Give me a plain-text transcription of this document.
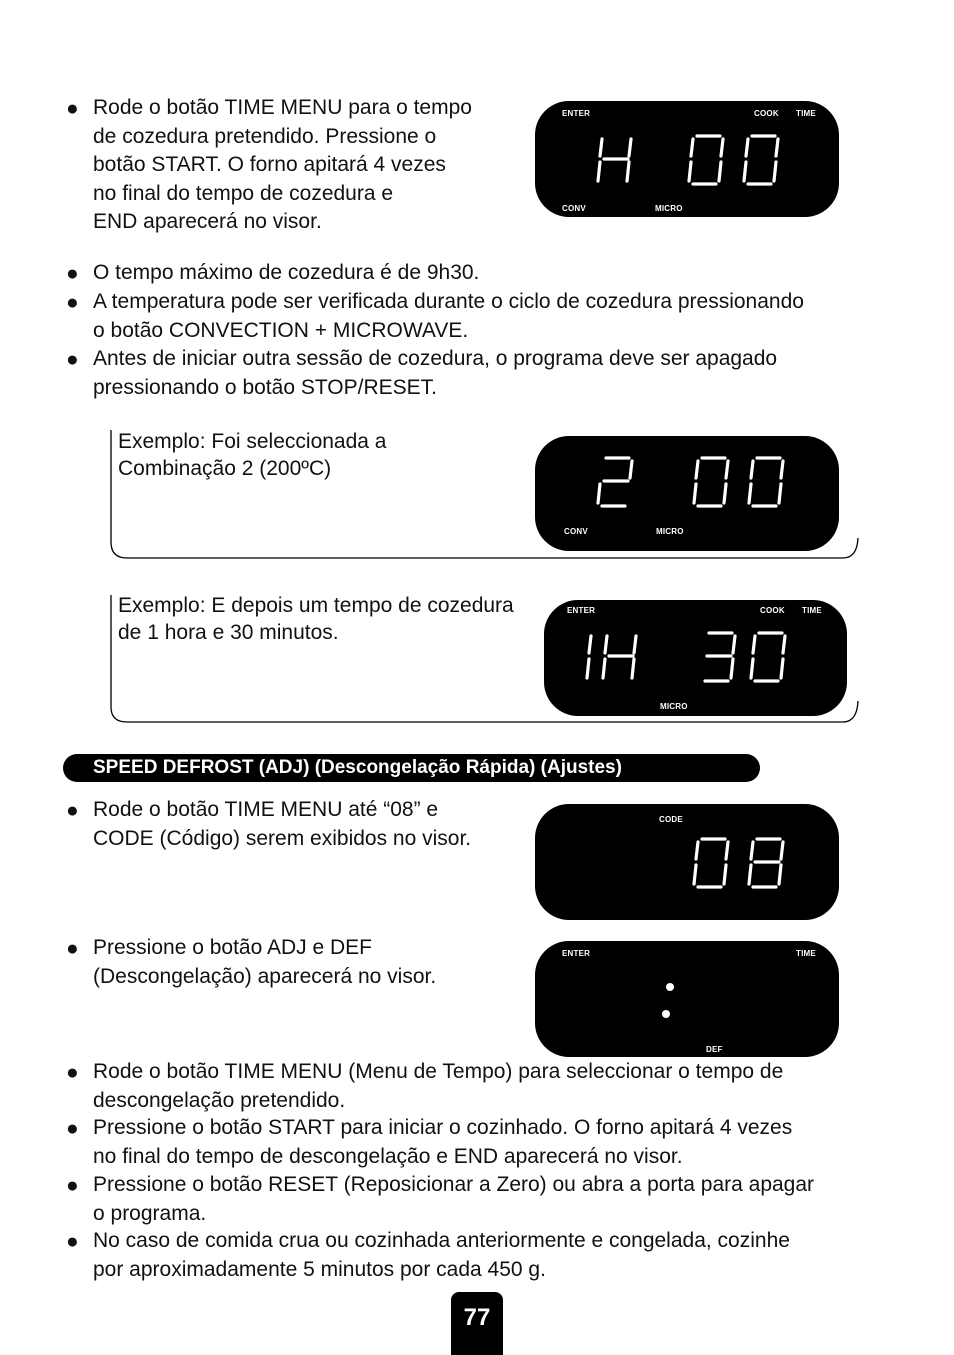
● Rode o botão TIME MENU para o tempo
de cozedura pretendido. Pressione o
botão START. O forno apitará 4 vezes
no final do tempo de cozedura e
END aparecerá no visor.
ENTER	COOK TIME
CONV	MICRO
● O tempo máximo de cozedura é de 9h30.
● A temperatura pode ser verificada durante o ciclo de cozedura pressionando
o botão CONVECTION + MICROWAVE.
● Antes de iniciar outra sessão de cozedura, o programa deve ser apagado
pressionando o botão STOP/RESET.
Exemplo: Foi seleccionada a
Combinação 2 (200ºC)
CONV	MICRO
Exemplo: E depois um tempo de cozedura
de 1 hora e 30 minutos.
ENTER	COOK TIME
MICRO
SPEED DEFROST (ADJ) (Descongelação Rápida) (Ajustes)
● Rode o botão TIME MENU até “08” e
CODE (Código) serem exibidos no visor.
CODE
● Pressione o botão ADJ e DEF
(Descongelação) aparecerá no visor.
ENTER	TIME
DEF
● Rode o botão TIME MENU (Menu de Tempo) para seleccionar o tempo de
descongelação pretendido.
● Pressione o botão START para iniciar o cozinhado. O forno apitará 4 vezes
no final do tempo de descongelação e END aparecerá no visor.
● Pressione o botão RESET (Reposicionar a Zero) ou abra a porta para apagar
o programa.
● No caso de comida crua ou cozinhada anteriormente e congelada, cozinhe
por aproximadamente 5 minutos por cada 450 g.
77
